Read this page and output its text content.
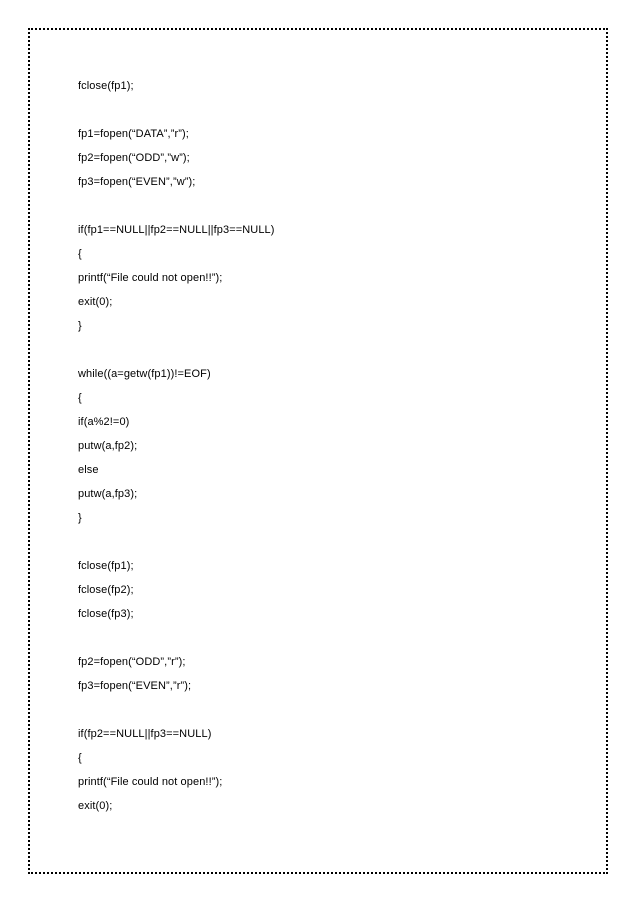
fclose(fp1);
fp1=fopen(“DATA”,”r”);
fp2=fopen(“ODD”,”w”);
fp3=fopen(“EVEN”,”w”);
if(fp1==NULL||fp2==NULL||fp3==NULL)
{
printf(“File could not open!!”);
exit(0);
}
while((a=getw(fp1))!=EOF)
{
if(a%2!=0)
putw(a,fp2);
else
putw(a,fp3);
}
fclose(fp1);
fclose(fp2);
fclose(fp3);
fp2=fopen(“ODD”,”r”);
fp3=fopen(“EVEN”,”r”);
if(fp2==NULL||fp3==NULL)
{
printf(“File could not open!!”);
exit(0);
